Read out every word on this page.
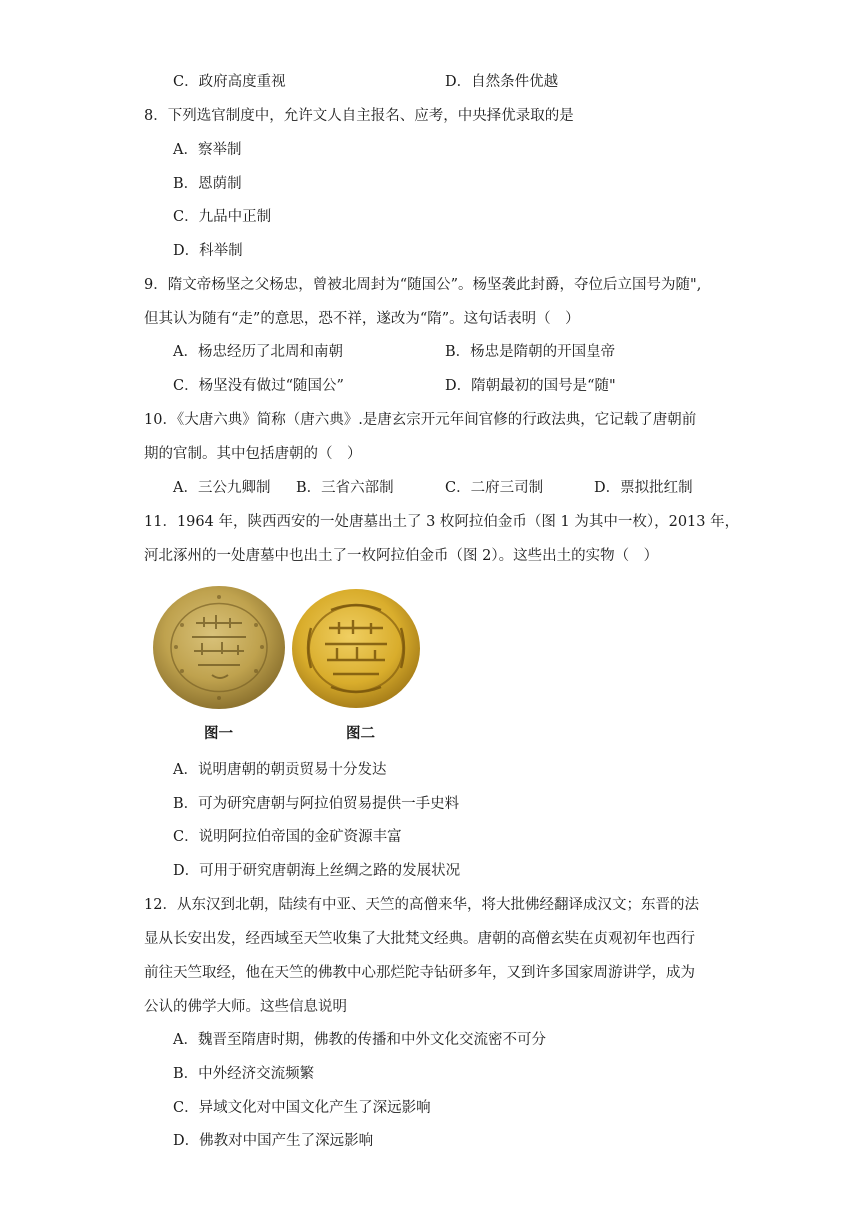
C．政府高度重视	D．自然条件优越
8．下列选官制度中，允许文人自主报名、应考，中央择优录取的是
A．察举制
B．恩荫制
C．九品中正制
D．科举制
9．隋文帝杨坚之父杨忠，曾被北周封为“随国公”。杨坚袭此封爵，夺位后立国号为随",
但其认为随有“走”的意思，恐不祥，遂改为“隋”。这句话表明（　）
A．杨忠经历了北周和南朝	B．杨忠是隋朝的开国皇帝
C．杨坚没有做过“随国公”	D．隋朝最初的国号是“随"
10．《大唐六典》简称（唐六典》.是唐玄宗开元年间官修的行政法典，它记载了唐朝前
期的官制。其中包括唐朝的（　）
A．三公九卿制 B．三省六部制	C．二府三司制	D．票拟批红制
11．1964 年，陕西西安的一处唐墓出土了 3 枚阿拉伯金币（图 1 为其中一枚），2013 年，
河北涿州的一处唐墓中也出土了一枚阿拉伯金币（图 2）。这些出土的实物（　）
图一	图二
A．说明唐朝的朝贡贸易十分发达
B．可为研究唐朝与阿拉伯贸易提供一手史料
C．说明阿拉伯帝国的金矿资源丰富
D．可用于研究唐朝海上丝绸之路的发展状况
12．从东汉到北朝，陆续有中亚、天竺的高僧来华，将大批佛经翻译成汉文；东晋的法
显从长安出发，经西域至天竺收集了大批梵文经典。唐朝的高僧玄奘在贞观初年也西行
前往天竺取经，他在天竺的佛教中心那烂陀寺钻研多年，又到许多国家周游讲学，成为
公认的佛学大师。这些信息说明
A．魏晋至隋唐时期，佛教的传播和中外文化交流密不可分
B．中外经济交流频繁
C．异域文化对中国文化产生了深远影响
D．佛教对中国产生了深远影响
